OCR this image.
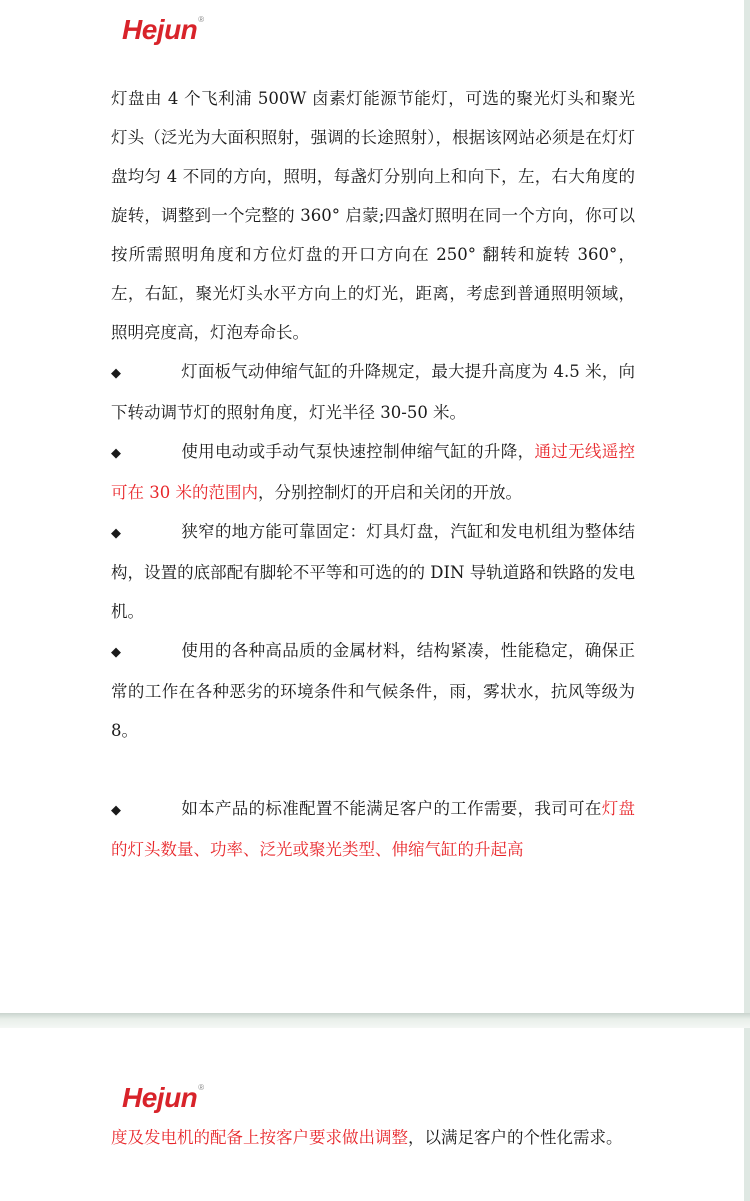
Hejun®

灯盘由 4 个飞利浦 500W 卤素灯能源节能灯，可选的聚光灯头和聚光灯头（泛光为大面积照射，强调的长途照射），根据该网站必须是在灯灯盘均匀 4 不同的方向，照明，每盏灯分别向上和向下，左，右大角度的旋转，调整到一个完整的 360° 启蒙;四盏灯照明在同一个方向，你可以按所需照明角度和方位灯盘的开口方向在 250° 翻转和旋转 360°，左，右缸，聚光灯头水平方向上的灯光，距离，考虑到普通照明领域，照明亮度高，灯泡寿命长。

◆	灯面板气动伸缩气缸的升降规定，最大提升高度为 4.5 米，向下转动调节灯的照射角度，灯光半径 30-50 米。

◆	使用电动或手动气泵快速控制伸缩气缸的升降，通过无线遥控可在 30 米的范围内，分别控制灯的开启和关闭的开放。

◆	狭窄的地方能可靠固定：灯具灯盘，汽缸和发电机组为整体结构，设置的底部配有脚轮不平等和可选的的 DIN 导轨道路和铁路的发电机。

◆	使用的各种高品质的金属材料，结构紧凑，性能稳定，确保正常的工作在各种恶劣的环境条件和气候条件，雨，雾状水，抗风等级为 8。

◆	如本产品的标准配置不能满足客户的工作需要，我司可在灯盘的灯头数量、功率、泛光或聚光类型、伸缩气缸的升起高

Hejun®

度及发电机的配备上按客户要求做出调整，以满足客户的个性化需求。
